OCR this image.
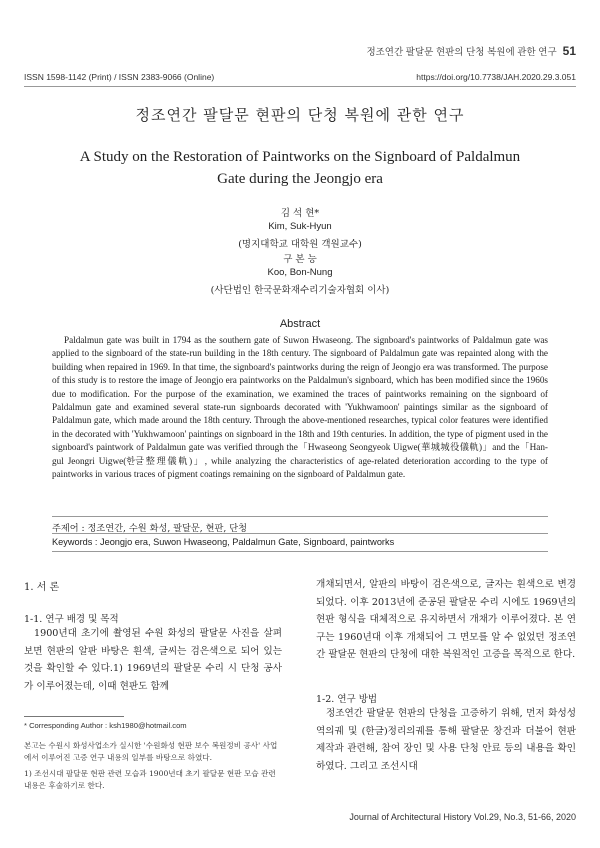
정조연간 팔달문 현판의 단청 복원에 관한 연구 51
ISSN 1598-1142 (Print) / ISSN 2383-9066 (Online)	https://doi.org/10.7738/JAH.2020.29.3.051
정조연간 팔달문 현판의 단청 복원에 관한 연구
A Study on the Restoration of Paintworks on the Signboard of Paldalmun
Gate during the Jeongjo era
김 석 현*
Kim, Suk-Hyun
(명지대학교 대학원 객원교수)
구 본 능
Koo, Bon-Nung
(사단법인 한국문화재수리기술자협회 이사)
Abstract

Paldalmun gate was built in 1794 as the southern gate of Suwon Hwaseong. The signboard's paintworks of Paldalmun gate was applied to the signboard of the state-run building in the 18th century. The signboard of Paldalmun gate was repainted along with the building when repaired in 1969. In that time, the signboard's paintworks during the reign of Jeongjo era was transformed. The purpose of this study is to restore the image of Jeongjo era paintworks on the Paldalmun's signboard, which has been modified since the 1960s due to modification. For the purpose of the examination, we examined the traces of paintworks remaining on the signboard of Paldalmun gate and examined several state-run signboards decorated with 'Yukhwamoon' paintings similar as the signboard of Paldalmun gate, which made around the 18th century. Through the above-mentioned researches, typical color features were identified in the decorated with 'Yukhwamoon' paintings on signboard in the 18th and 19th centuries. In addition, the type of pigment used in the signboard's paintwork of Paldalmun gate was verified through the「Hwaseong Seongyeok Uigwe(華城城役儀軌)」and the「Han-gul Jeongri Uigwe(한글整理儀軌)」, while analyzing the characteristics of age-related deterioration according to the type of paintworks in various traces of pigment coatings remaining on the signboard of Paldalmun gate.

주제어 : 정조연간, 수원 화성, 팔달문, 현판, 단청
Keywords : Jeongjo era, Suwon Hwaseong, Paldalmun Gate, Signboard, paintworks
1. 서 론
1-1. 연구 배경 및 목적

1900년대 초기에 촬영된 수원 화성의 팔달문 사진을 살펴보면 현판의 알판 바탕은 흰색, 글씨는 검은색으로 되어 있는 것을 확인할 수 있다.1) 1969년의 팔달문 수리 시 단청 공사가 이루어졌는데, 이때 현판도 함께

* Corresponding Author : ksh1980@hotmail.com

본고는 수원시 화성사업소가 실시한 '수원화성 현판 보수 복원정비 공사' 사업에서 이루어진 고증 연구 내용의 일부를 바탕으로 하였다.

1) 조선시대 팔달문 현판 관련 모습과 1900년대 초기 팔달문 현판 모습 관련 내용은 후술하기로 한다.

개채되면서, 알판의 바탕이 검은색으로, 글자는 흰색으로 변경되었다. 이후 2013년에 준공된 팔달문 수리 시에도 1969년의 현판 형식을 대체적으로 유지하면서 개채가 이루어졌다. 본 연구는 1960년대 이후 개채되어 그 면모를 알 수 없었던 정조연간 팔달문 현판의 단청에 대한 복원적인 고증을 목적으로 한다.

1-2. 연구 방법

정조연간 팔달문 현판의 단청을 고증하기 위해, 먼저 화성성역의궤 및 (한글)정리의궤를 통해 팔달문 창건과 더불어 현판 제작과 관련해, 참여 장인 및 사용 단청 안료 등의 내용을 확인하였다. 그리고 조선시대

Journal of Architectural History Vol.29, No.3, 51-66, 2020
